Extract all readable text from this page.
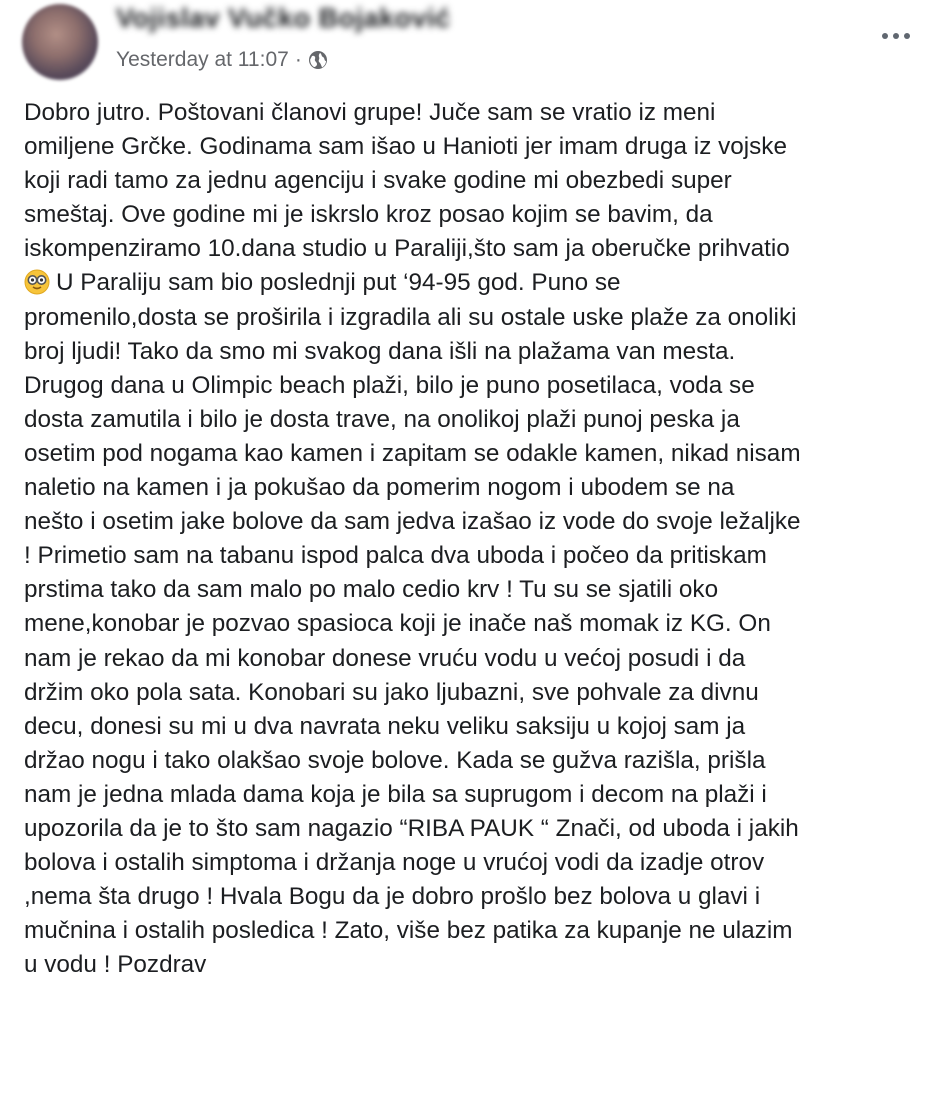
Vojislav Vučko Bojaković
Yesterday at 11:07 ·
Dobro jutro. Poštovani članovi grupe! Juče sam se vratio iz meni
omiljene Grčke. Godinama sam išao u Hanioti jer imam druga iz vojske
koji radi tamo za jednu agenciju i svake godine mi obezbedi super
smeštaj. Ove godine mi je iskrslo kroz posao kojim se bavim, da
iskompenziramo 10.dana studio u Paraliji,što sam ja oberučke prihvatio
U Paraliju sam bio poslednji put ‘94-95 god. Puno se
promenilo,dosta se proširila i izgradila ali su ostale uske plaže za onoliki
broj ljudi! Tako da smo mi svakog dana išli na plažama van mesta.
Drugog dana u Olimpic beach plaži, bilo je puno posetilaca, voda se
dosta zamutila i bilo je dosta trave, na onolikoj plaži punoj peska ja
osetim pod nogama kao kamen i zapitam se odakle kamen, nikad nisam
naletio na kamen i ja pokušao da pomerim nogom i ubodem se na
nešto i osetim jake bolove da sam jedva izašao iz vode do svoje ležaljke
! Primetio sam na tabanu ispod palca dva uboda i počeo da pritiskam
prstima tako da sam malo po malo cedio krv ! Tu su se sjatili oko
mene,konobar je pozvao spasioca koji je inače naš momak iz KG. On
nam je rekao da mi konobar donese vruću vodu u većoj posudi i da
držim oko pola sata. Konobari su jako ljubazni, sve pohvale za divnu
decu, donesi su mi u dva navrata neku veliku saksiju u kojoj sam ja
držao nogu i tako olakšao svoje bolove. Kada se gužva razišla, prišla
nam je jedna mlada dama koja je bila sa suprugom i decom na plaži i
upozorila da je to što sam nagazio “RIBA PAUK “ Znači, od uboda i jakih
bolova i ostalih simptoma i držanja noge u vrućoj vodi da izadje otrov
,nema šta drugo ! Hvala Bogu da je dobro prošlo bez bolova u glavi i
mučnina i ostalih posledica ! Zato, više bez patika za kupanje ne ulazim
u vodu ! Pozdrav
